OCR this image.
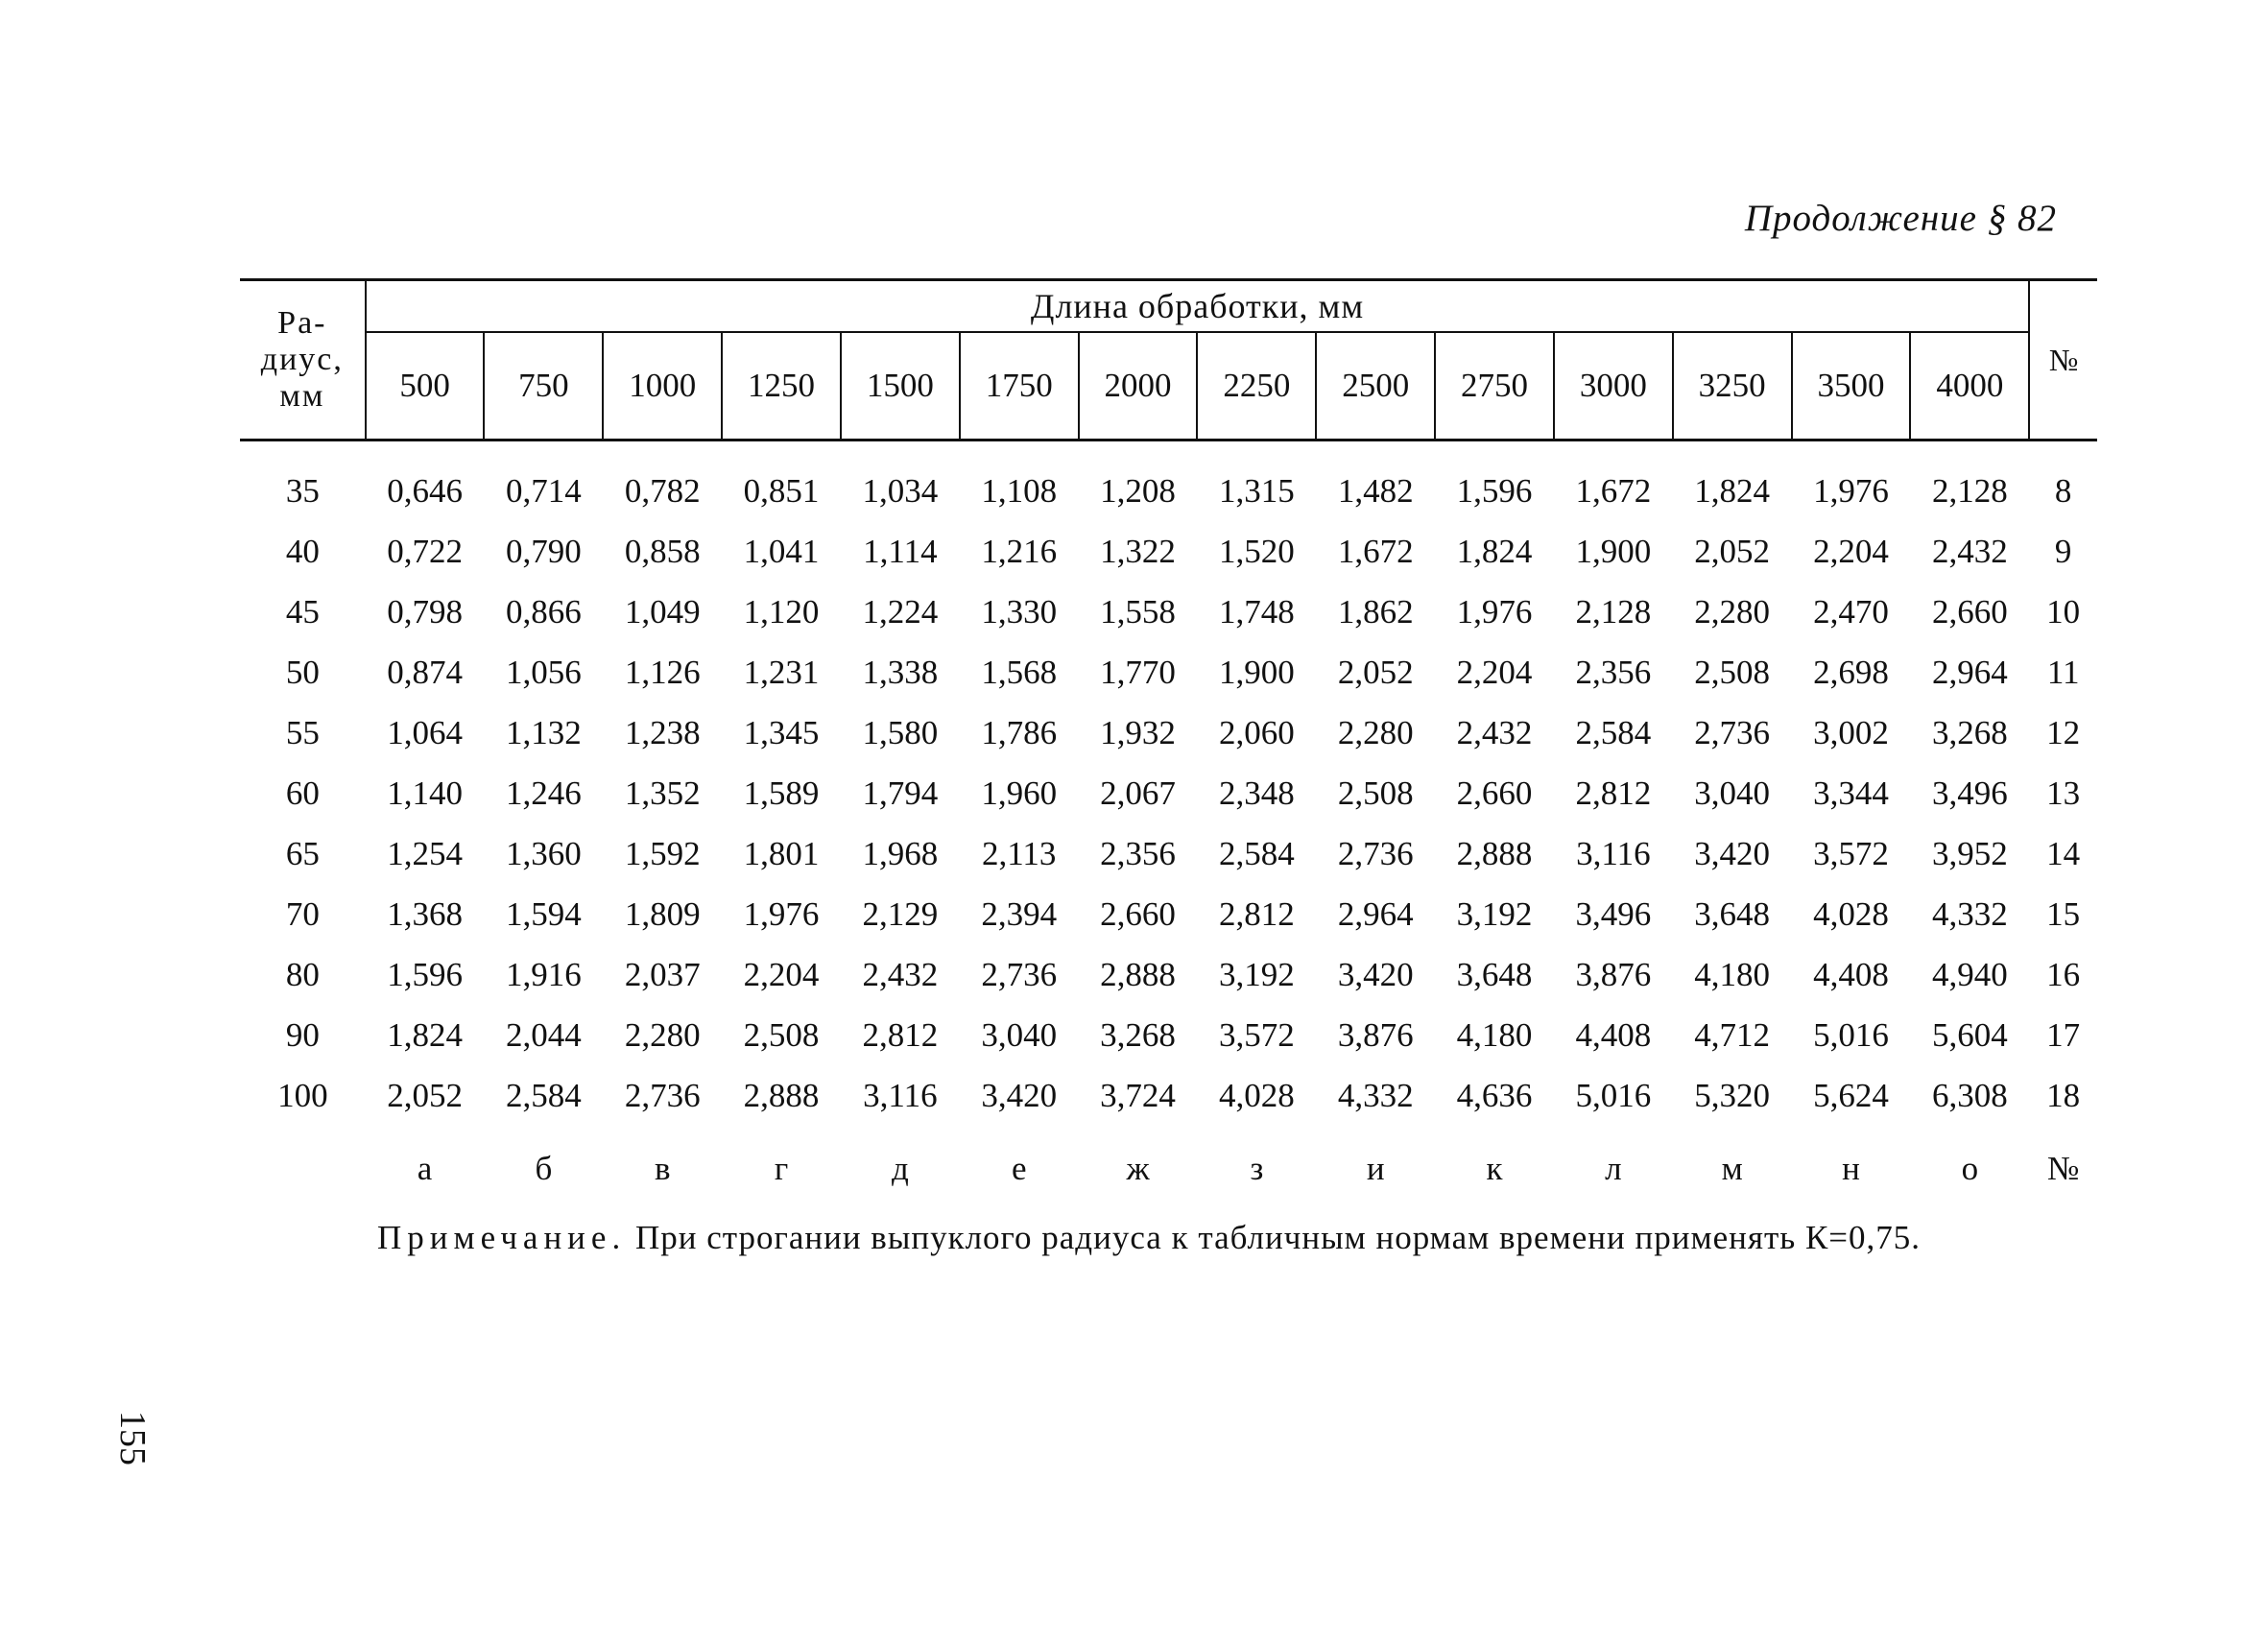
Продолжение § 82
Ра-
диус,
мм	Длина обработки, мм														№
	500	750	1000	1250	1500	1750	2000	2250	2500	2750	3000	3250	3500	4000	
35	0,646	0,714	0,782	0,851	1,034	1,108	1,208	1,315	1,482	1,596	1,672	1,824	1,976	2,128	8
40	0,722	0,790	0,858	1,041	1,114	1,216	1,322	1,520	1,672	1,824	1,900	2,052	2,204	2,432	9
45	0,798	0,866	1,049	1,120	1,224	1,330	1,558	1,748	1,862	1,976	2,128	2,280	2,470	2,660	10
50	0,874	1,056	1,126	1,231	1,338	1,568	1,770	1,900	2,052	2,204	2,356	2,508	2,698	2,964	11
55	1,064	1,132	1,238	1,345	1,580	1,786	1,932	2,060	2,280	2,432	2,584	2,736	3,002	3,268	12
60	1,140	1,246	1,352	1,589	1,794	1,960	2,067	2,348	2,508	2,660	2,812	3,040	3,344	3,496	13
65	1,254	1,360	1,592	1,801	1,968	2,113	2,356	2,584	2,736	2,888	3,116	3,420	3,572	3,952	14
70	1,368	1,594	1,809	1,976	2,129	2,394	2,660	2,812	2,964	3,192	3,496	3,648	4,028	4,332	15
80	1,596	1,916	2,037	2,204	2,432	2,736	2,888	3,192	3,420	3,648	3,876	4,180	4,408	4,940	16
90	1,824	2,044	2,280	2,508	2,812	3,040	3,268	3,572	3,876	4,180	4,408	4,712	5,016	5,604	17
100	2,052	2,584	2,736	2,888	3,116	3,420	3,724	4,028	4,332	4,636	5,016	5,320	5,624	6,308	18
	а	б	в	г	д	е	ж	з	и	к	л	м	н	о	№
Примечание. При строгании выпуклого радиуса к табличным нормам времени применять К=0,75.
155
